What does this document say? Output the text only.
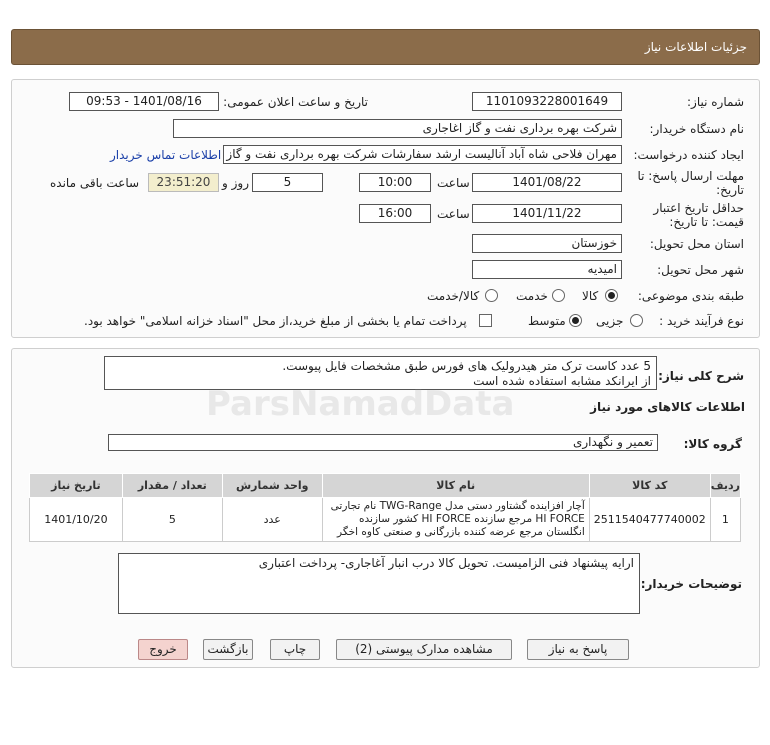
جزئیات اطلاعات نیاز
شماره نیاز:
1101093228001649
تاریخ و ساعت اعلان عمومی:
1401/08/16 - 09:53
نام دستگاه خریدار:
شرکت بهره برداری نفت و گاز اغاجاری
ایجاد کننده درخواست:
مهران فلاحی شاه آباد آنالیست ارشد سفارشات شرکت بهره برداری نفت و گاز
اطلاعات تماس خریدار
مهلت ارسال پاسخ: تا
تاریخ:
1401/08/22
ساعت
10:00
5
روز و
23:51:20
ساعت باقی مانده
حداقل تاریخ اعتبار
قیمت: تا تاریخ:
1401/11/22
ساعت
16:00
استان محل تحویل:
خوزستان
شهر محل تحویل:
امیدیه
طبقه بندی موضوعی:
کالا
خدمت
کالا/خدمت
نوع فرآیند خرید :
جزیی
متوسط
پرداخت تمام یا بخشی از مبلغ خرید،از محل "اسناد خزانه اسلامی" خواهد بود.
شرح کلی نیاز:
5 عدد کاست ترک متر هیدرولیک های فورس طبق مشخصات فایل پیوست.
از ایرانکد مشابه استفاده شده است
اطلاعات کالاهای مورد نیاز
گروه کالا:
تعمیر و نگهداری
ردیف	کد کالا	نام کالا	واحد شمارش	تعداد / مقدار	تاریخ نیاز
1	2511540477740002	آچار افزاینده گشتاور دستی مدل TWG-Range نام تجارتی HI FORCE مرجع سازنده HI FORCE کشور سازنده انگلستان مرجع عرضه کننده بازرگانی و صنعتی کاوه اخگر	عدد	5	1401/10/20
توضیحات خریدار:
ارایه پیشنهاد فنی الزامیست. تحویل کالا درب انبار آغاجاری- پرداخت اعتباری
پاسخ به نیاز
مشاهده مدارک پیوستی (2)
چاپ
بازگشت
خروج
